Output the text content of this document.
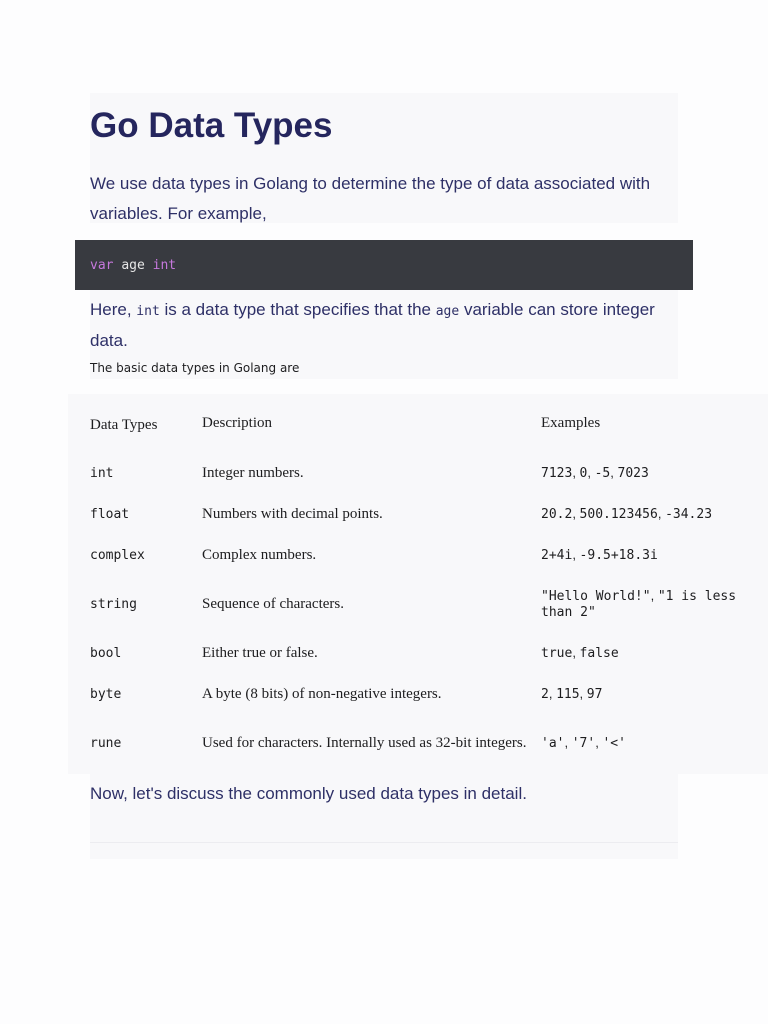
Go Data Types

We use data types in Golang to determine the type of data associated with variables. For example,

var
age
int

Here, int is a data type that specifies that the age variable can store integer data.

The basic data types in Golang are

Data Types	Description	Examples
int	Integer numbers.	7123, 0, -5, 7023
float	Numbers with decimal points.	20.2, 500.123456, -34.23
complex	Complex numbers.	2+4i, -9.5+18.3i
string	Sequence of characters.	"Hello World!", "1 is less than 2"
bool	Either true or false.	true, false
byte	A byte (8 bits) of non-negative integers.	2, 115, 97
rune	Used for characters. Internally used as 32-bit integers.	'a', '7', '<'

Now, let's discuss the commonly used data types in detail.
